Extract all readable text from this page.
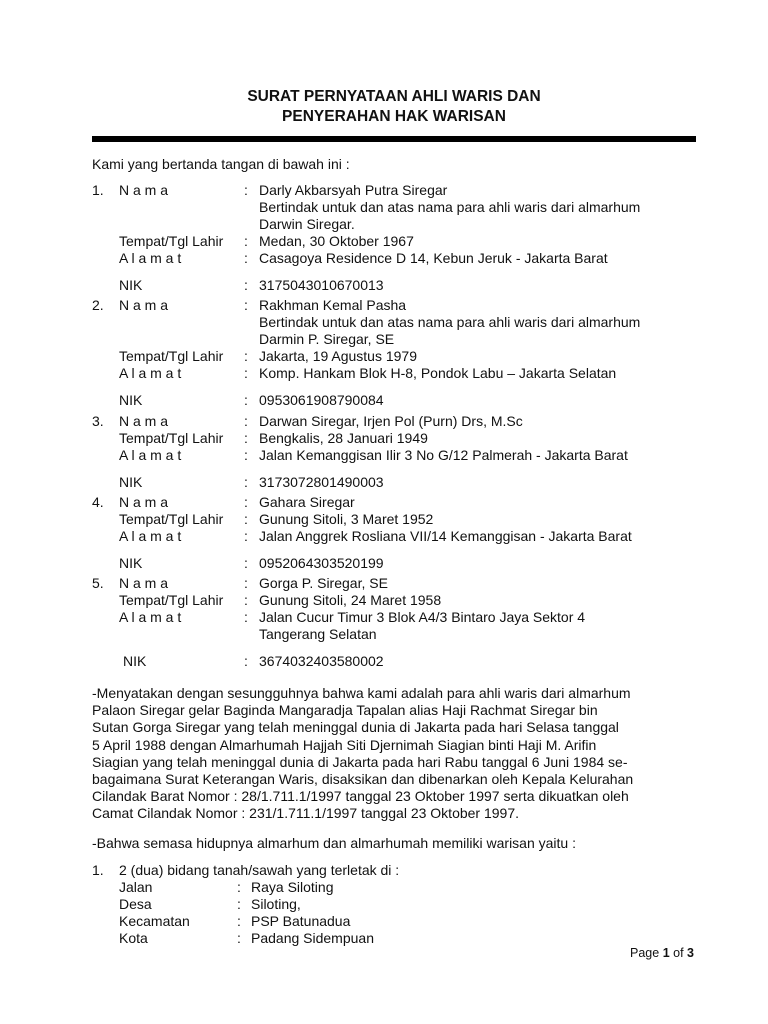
SURAT PERNYATAAN AHLI WARIS DAN
PENYERAHAN HAK WARISAN
Kami yang bertanda tangan di bawah ini :
1. N a m a	: Darly Akbarsyah Putra Siregar
Bertindak untuk dan atas nama para ahli waris dari almarhum
Darwin Siregar.
Tempat/Tgl Lahir : Medan, 30 Oktober 1967
A l a m a t	: Casagoya Residence D 14, Kebun Jeruk - Jakarta Barat
NIK	: 3175043010670013
2. N a m a	: Rakhman Kemal Pasha
Bertindak untuk dan atas nama para ahli waris dari almarhum
Darmin P. Siregar, SE
Tempat/Tgl Lahir : Jakarta, 19 Agustus 1979
A l a m a t	: Komp. Hankam Blok H-8, Pondok Labu – Jakarta Selatan
NIK	: 0953061908790084
3. N a m a	: Darwan Siregar, Irjen Pol (Purn) Drs, M.Sc
Tempat/Tgl Lahir : Bengkalis, 28 Januari 1949
A l a m a t	: Jalan Kemanggisan Ilir 3 No G/12 Palmerah - Jakarta Barat
NIK	: 3173072801490003
4. N a m a	: Gahara Siregar
Tempat/Tgl Lahir : Gunung Sitoli, 3 Maret 1952
A l a m a t	: Jalan Anggrek Rosliana VII/14 Kemanggisan - Jakarta Barat
NIK	: 0952064303520199
5. N a m a	: Gorga P. Siregar, SE
Tempat/Tgl Lahir : Gunung Sitoli, 24 Maret 1958
A l a m a t	: Jalan Cucur Timur 3 Blok A4/3 Bintaro Jaya Sektor 4
Tangerang Selatan
NIK	: 3674032403580002
-Menyatakan dengan sesungguhnya bahwa kami adalah para ahli waris dari almarhum
Palaon Siregar gelar Baginda Mangaradja Tapalan alias Haji Rachmat Siregar bin
Sutan Gorga Siregar yang telah meninggal dunia di Jakarta pada hari Selasa tanggal
5 April 1988 dengan Almarhumah Hajjah Siti Djernimah Siagian binti Haji M. Arifin
Siagian yang telah meninggal dunia di Jakarta pada hari Rabu tanggal 6 Juni 1984 se-
bagaimana Surat Keterangan Waris, disaksikan dan dibenarkan oleh Kepala Kelurahan
Cilandak Barat Nomor : 28/1.711.1/1997 tanggal 23 Oktober 1997 serta dikuatkan oleh
Camat Cilandak Nomor : 231/1.711.1/1997 tanggal 23 Oktober 1997.
-Bahwa semasa hidupnya almarhum dan almarhumah memiliki warisan yaitu :
1. 2 (dua) bidang tanah/sawah yang terletak di :
Jalan	: Raya Siloting
Desa	: Siloting,
Kecamatan	: PSP Batunadua
Kota	: Padang Sidempuan
Page 1 of 3
